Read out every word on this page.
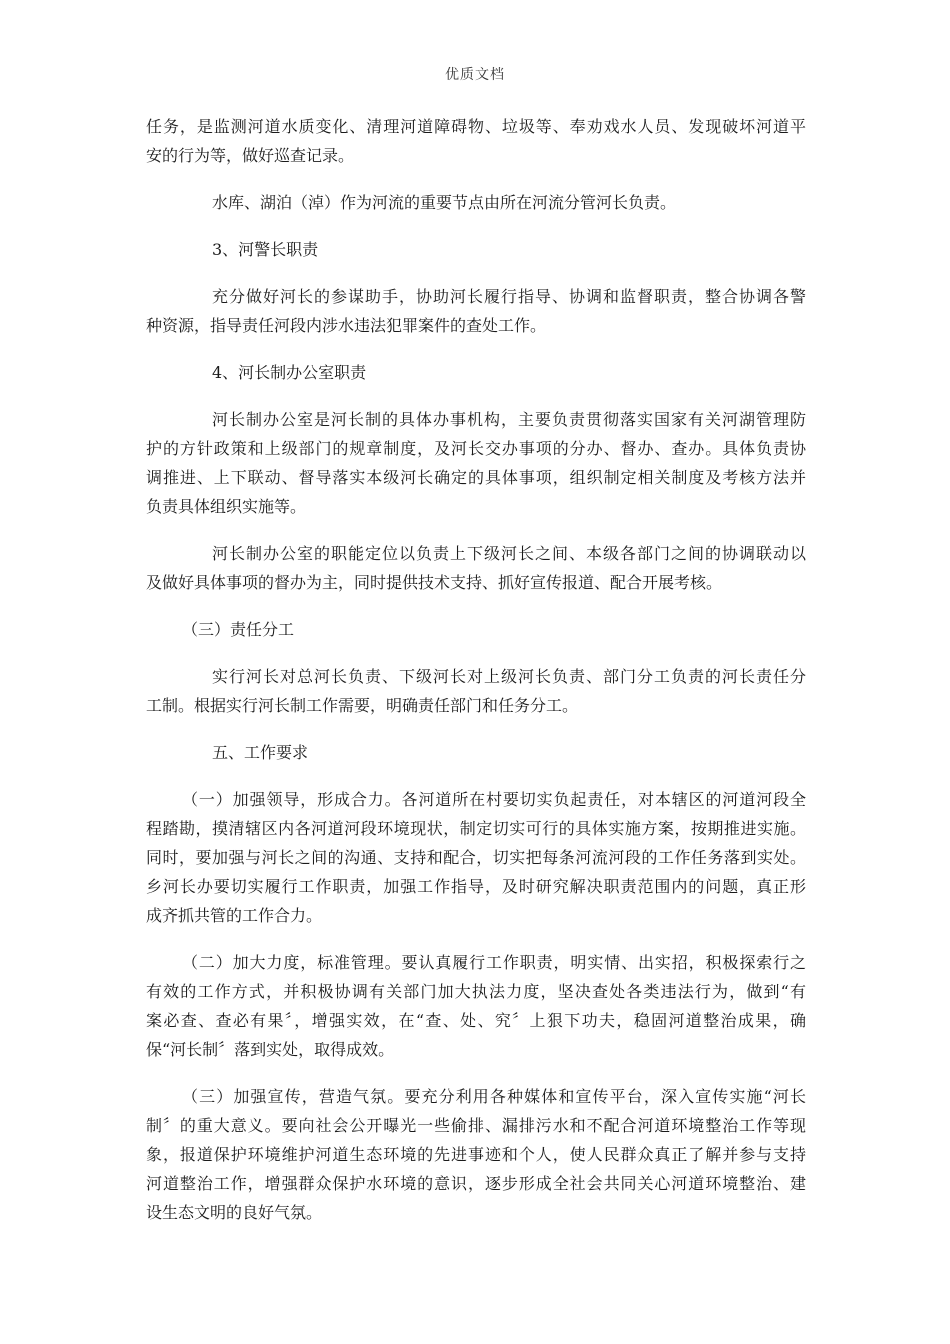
优质文档

任务，是监测河道水质变化、清理河道障碍物、垃圾等、奉劝戏水人员、发现破坏河道平
安的行为等，做好巡查记录。

水库、湖泊（淖）作为河流的重要节点由所在河流分管河长负责。

3、河警长职责

充分做好河长的参谋助手，协助河长履行指导、协调和监督职责，整合协调各警
种资源，指导责任河段内涉水违法犯罪案件的查处工作。

4、河长制办公室职责

河长制办公室是河长制的具体办事机构，主要负责贯彻落实国家有关河湖管理防
护的方针政策和上级部门的规章制度，及河长交办事项的分办、督办、查办。具体负责协
调推进、上下联动、督导落实本级河长确定的具体事项，组织制定相关制度及考核方法并
负责具体组织实施等。

河长制办公室的职能定位以负责上下级河长之间、本级各部门之间的协调联动以
及做好具体事项的督办为主，同时提供技术支持、抓好宣传报道、配合开展考核。

（三）责任分工

实行河长对总河长负责、下级河长对上级河长负责、部门分工负责的河长责任分
工制。根据实行河长制工作需要，明确责任部门和任务分工。

五、工作要求

（一）加强领导，形成合力。各河道所在村要切实负起责任，对本辖区的河道河段全
程踏勘，摸清辖区内各河道河段环境现状，制定切实可行的具体实施方案，按期推进实施。
同时，要加强与河长之间的沟通、支持和配合，切实把每条河流河段的工作任务落到实处。
乡河长办要切实履行工作职责，加强工作指导，及时研究解决职责范围内的问题，真正形
成齐抓共管的工作合力。

（二）加大力度，标准管理。要认真履行工作职责，明实情、出实招，积极探索行之
有效的工作方式，并积极协调有关部门加大执法力度，坚决查处各类违法行为，做到“有
案必查、查必有果〞，增强实效，在“查、处、究〞上狠下功夫，稳固河道整治成果，确
保“河长制〞落到实处，取得成效。

（三）加强宣传，营造气氛。要充分利用各种媒体和宣传平台，深入宣传实施“河长
制〞的重大意义。要向社会公开曝光一些偷排、漏排污水和不配合河道环境整治工作等现
象，报道保护环境维护河道生态环境的先进事迹和个人，使人民群众真正了解并参与支持
河道整治工作，增强群众保护水环境的意识，逐步形成全社会共同关心河道环境整治、建
设生态文明的良好气氛。
